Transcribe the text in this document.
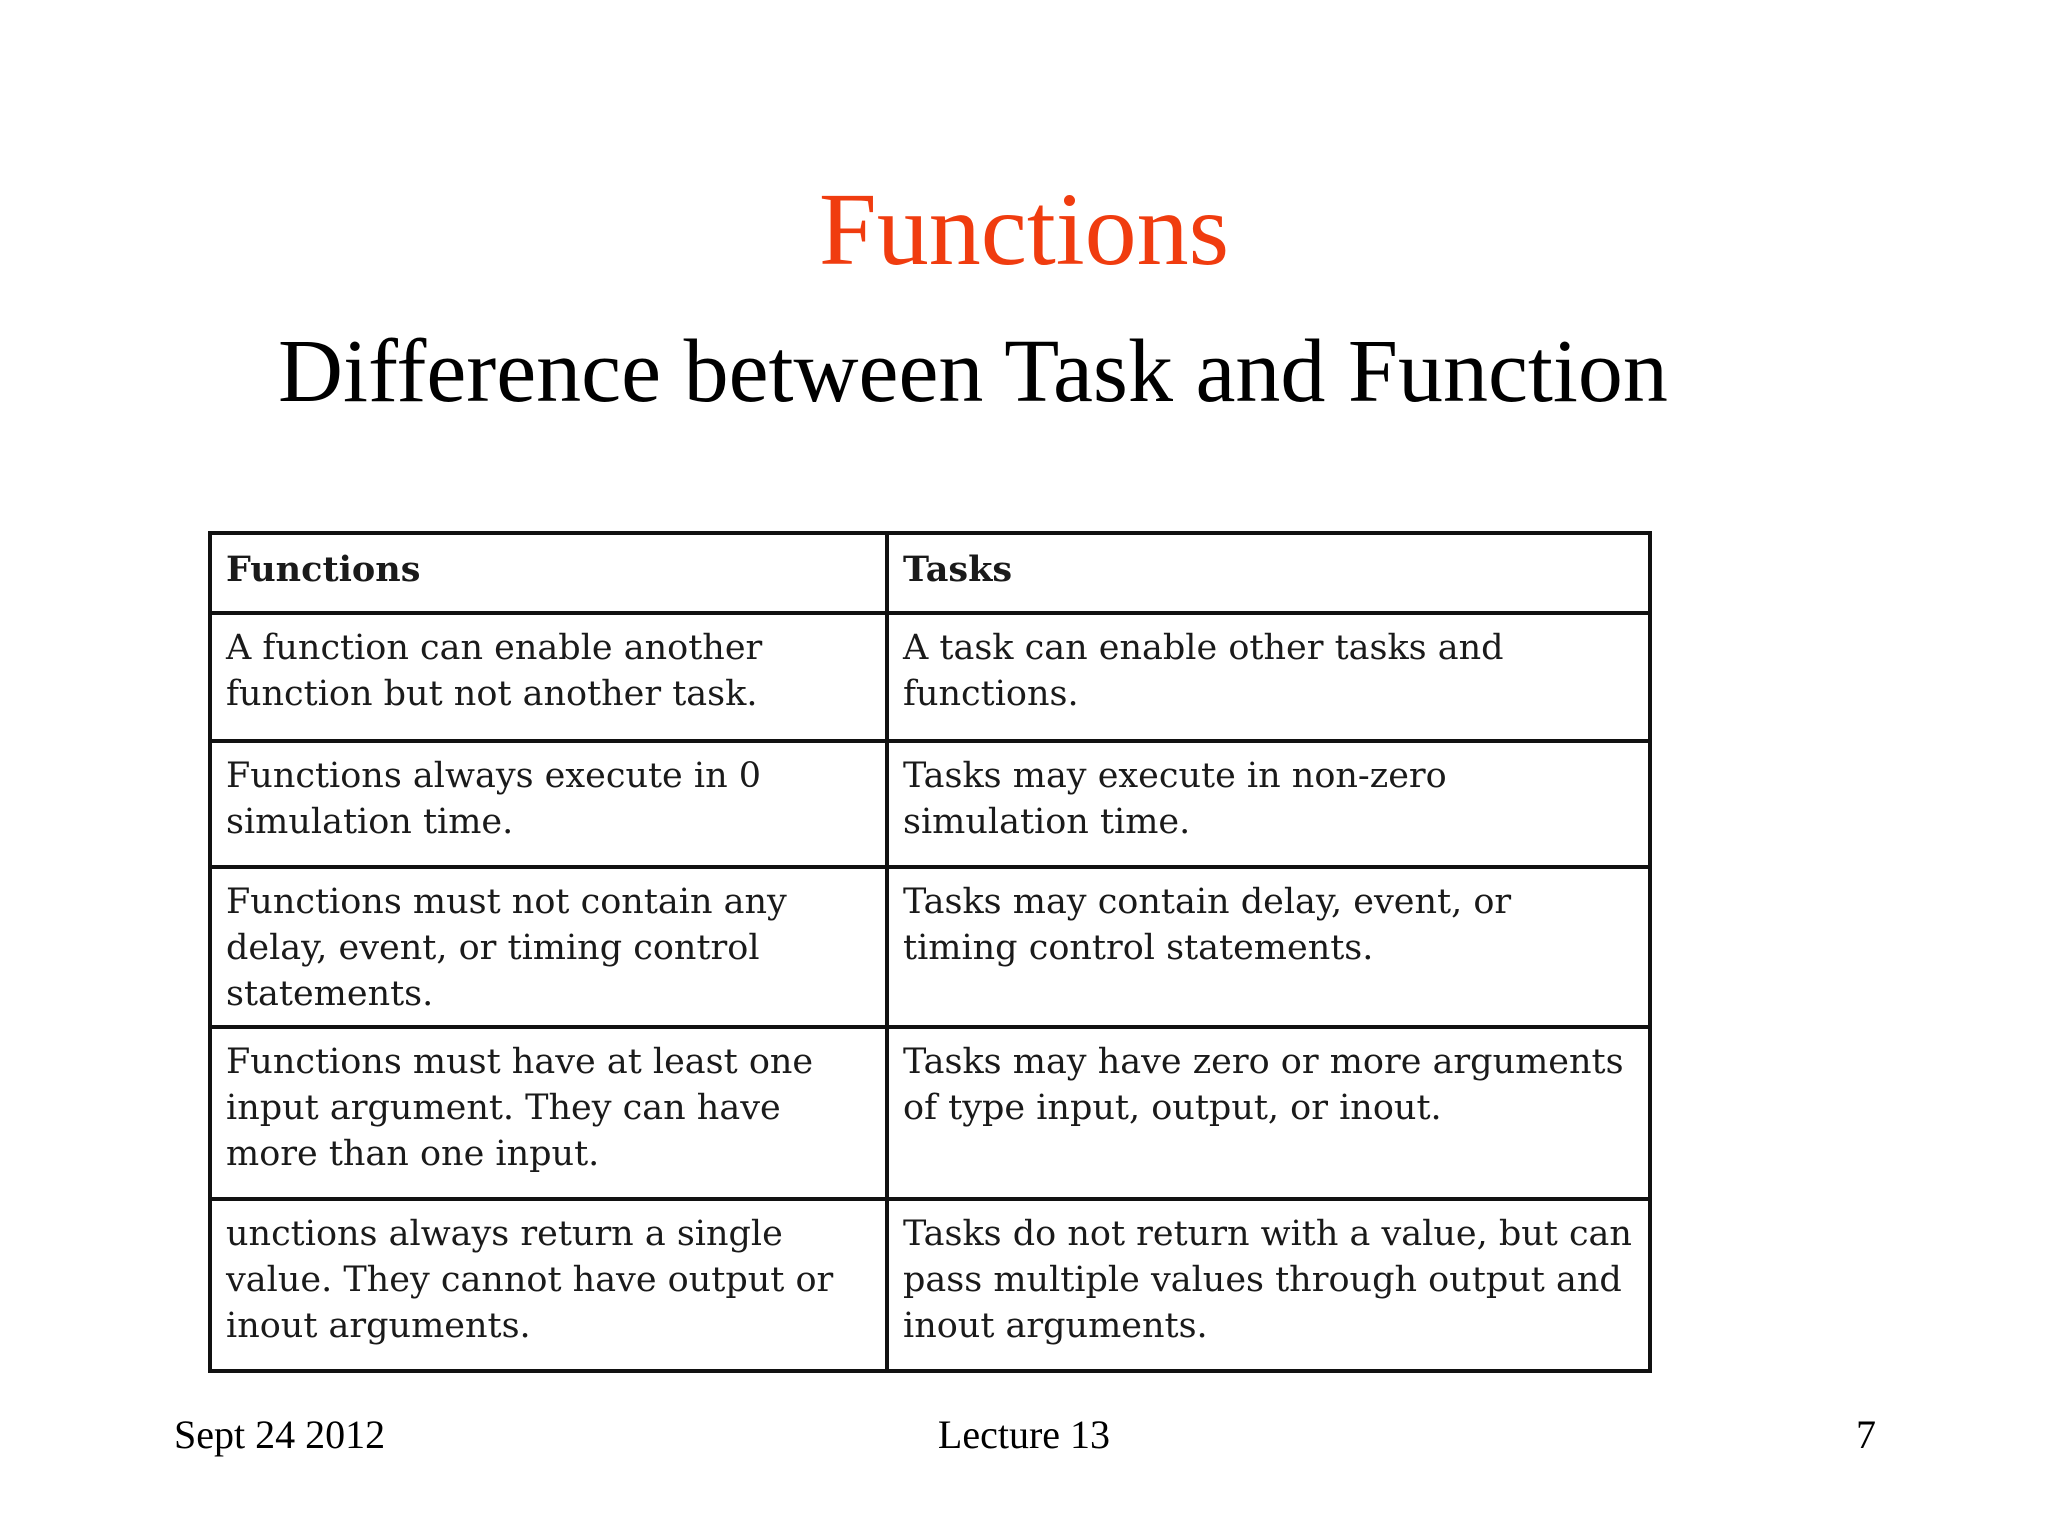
Functions
Difference between Task and Function
Functions	Tasks
A function can enable another function but not another task.	A task can enable other tasks and functions.
Functions always execute in 0 simulation time.	Tasks may execute in non-zero simulation time.
Functions must not contain any delay, event, or timing control statements.	Tasks may contain delay, event, or timing control statements.
Functions must have at least one input argument. They can have more than one input.	Tasks may have zero or more arguments of type input, output, or inout.
unctions always return a single value. They cannot have output or inout arguments.	Tasks do not return with a value, but can pass multiple values through output and inout arguments.
Sept 24 2012	Lecture 13	7
